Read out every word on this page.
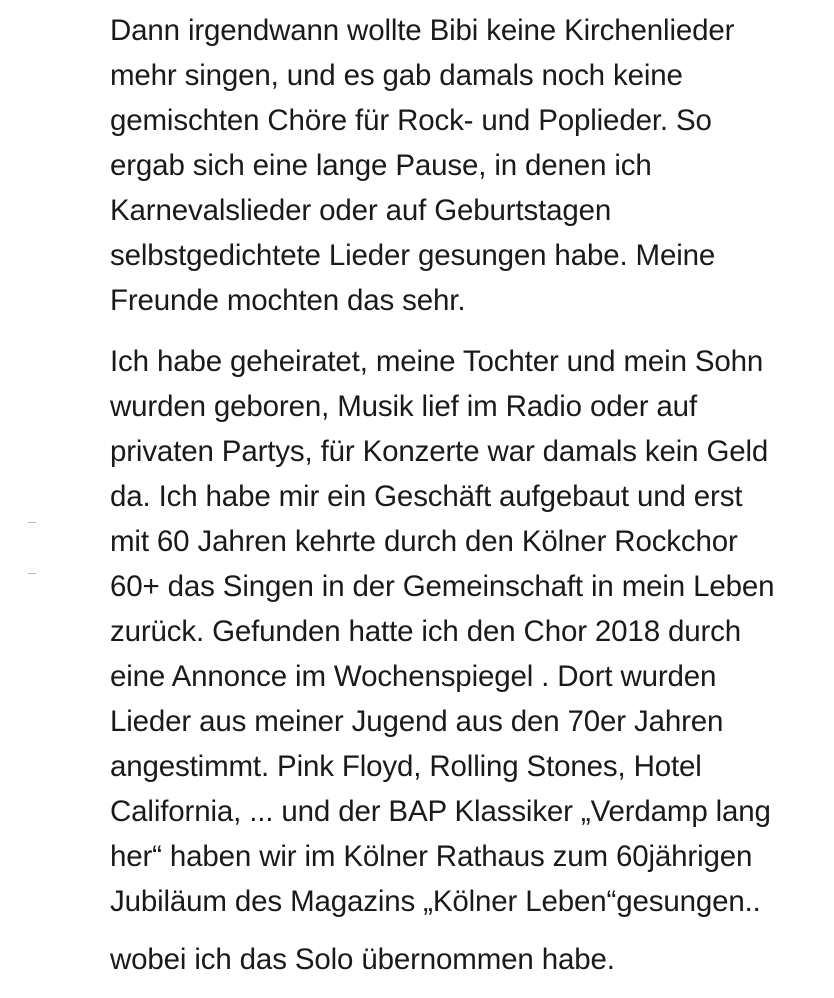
Dann irgendwann wollte Bibi keine Kirchenlieder
mehr singen, und es gab damals noch keine
gemischten Chöre für Rock- und Poplieder. So
ergab sich eine lange Pause, in denen ich
Karnevalslieder oder auf Geburtstagen
selbstgedichtete Lieder gesungen habe. Meine
Freunde mochten das sehr.
Ich habe geheiratet, meine Tochter und mein Sohn
wurden geboren, Musik lief im Radio oder auf
privaten Partys, für Konzerte war damals kein Geld
da. Ich habe mir ein Geschäft aufgebaut und erst
mit 60 Jahren kehrte durch den Kölner Rockchor
60+ das Singen in der Gemeinschaft in mein Leben
zurück. Gefunden hatte ich den Chor 2018 durch
eine Annonce im Wochenspiegel . Dort wurden
Lieder aus meiner Jugend aus den 70er Jahren
angestimmt. Pink Floyd, Rolling Stones, Hotel
California, ... und der BAP Klassiker „Verdamp lang
her“ haben wir im Kölner Rathaus zum 60jährigen
Jubiläum des Magazins „Kölner Leben“gesungen..
wobei ich das Solo übernommen habe.
